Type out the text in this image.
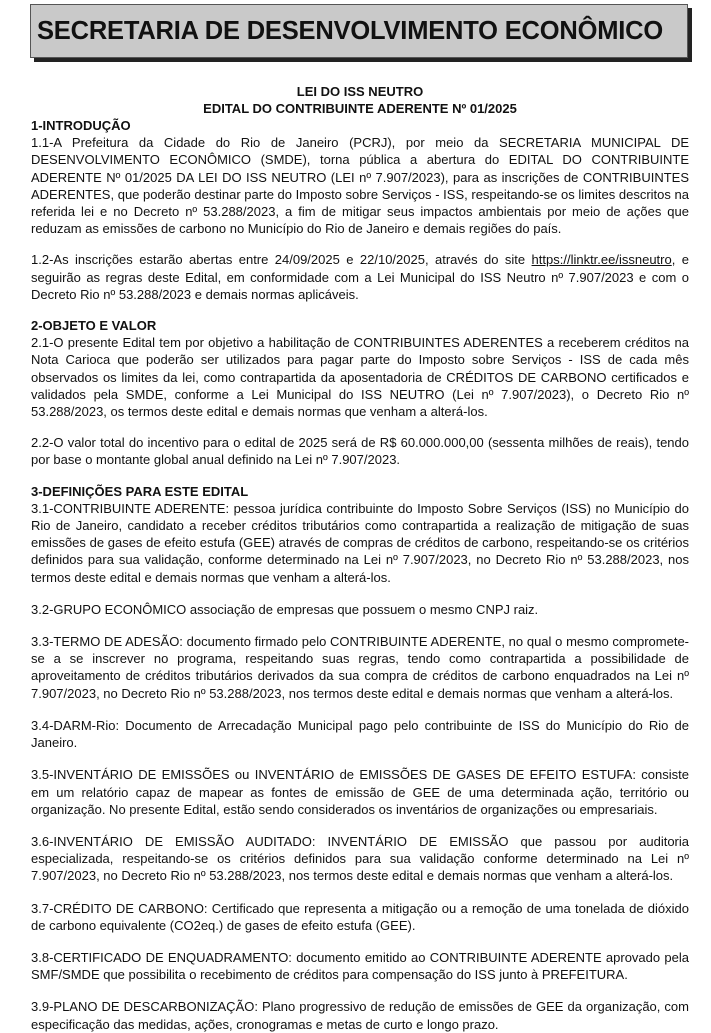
SECRETARIA DE DESENVOLVIMENTO ECONÔMICO
LEI DO ISS NEUTRO
EDITAL DO CONTRIBUINTE ADERENTE Nº 01/2025
1-INTRODUÇÃO

1.1-A Prefeitura da Cidade do Rio de Janeiro (PCRJ), por meio da SECRETARIA MUNICIPAL DE DESENVOLVIMENTO ECONÔMICO (SMDE), torna pública a abertura do EDITAL DO CONTRIBUINTE ADERENTE Nº 01/2025 DA LEI DO ISS NEUTRO (LEI nº 7.907/2023), para as inscrições de CONTRIBUINTES ADERENTES, que poderão destinar parte do Imposto sobre Serviços - ISS, respeitando-se os limites descritos na referida lei e no Decreto nº 53.288/2023, a fim de mitigar seus impactos ambientais por meio de ações que reduzam as emissões de carbono no Município do Rio de Janeiro e demais regiões do país.

1.2-As inscrições estarão abertas entre 24/09/2025 e 22/10/2025, através do site https://linktr.ee/issneutro, e seguirão as regras deste Edital, em conformidade com a Lei Municipal do ISS Neutro nº 7.907/2023 e com o Decreto Rio nº 53.288/2023 e demais normas aplicáveis.

2-OBJETO E VALOR

2.1-O presente Edital tem por objetivo a habilitação de CONTRIBUINTES ADERENTES a receberem créditos na Nota Carioca que poderão ser utilizados para pagar parte do Imposto sobre Serviços - ISS de cada mês observados os limites da lei, como contrapartida da aposentadoria de CRÉDITOS DE CARBONO certificados e validados pela SMDE, conforme a Lei Municipal do ISS NEUTRO (Lei nº 7.907/2023), o Decreto Rio nº 53.288/2023, os termos deste edital e demais normas que venham a alterá-los.

2.2-O valor total do incentivo para o edital de 2025 será de R$ 60.000.000,00 (sessenta milhões de reais), tendo por base o montante global anual definido na Lei nº 7.907/2023.

3-DEFINIÇÕES PARA ESTE EDITAL

3.1-CONTRIBUINTE ADERENTE: pessoa jurídica contribuinte do Imposto Sobre Serviços (ISS) no Município do Rio de Janeiro, candidato a receber créditos tributários como contrapartida a realização de mitigação de suas emissões de gases de efeito estufa (GEE) através de compras de créditos de carbono, respeitando-se os critérios definidos para sua validação, conforme determinado na Lei nº 7.907/2023, no Decreto Rio nº 53.288/2023, nos termos deste edital e demais normas que venham a alterá-los.

3.2-GRUPO ECONÔMICO associação de empresas que possuem o mesmo CNPJ raiz.

3.3-TERMO DE ADESÃO: documento firmado pelo CONTRIBUINTE ADERENTE, no qual o mesmo compromete-se a se inscrever no programa, respeitando suas regras, tendo como contrapartida a possibilidade de aproveitamento de créditos tributários derivados da sua compra de créditos de carbono enquadrados na Lei nº 7.907/2023, no Decreto Rio nº 53.288/2023, nos termos deste edital e demais normas que venham a alterá-los.

3.4-DARM-Rio: Documento de Arrecadação Municipal pago pelo contribuinte de ISS do Município do Rio de Janeiro.

3.5-INVENTÁRIO DE EMISSÕES ou INVENTÁRIO de EMISSÕES DE GASES DE EFEITO ESTUFA: consiste em um relatório capaz de mapear as fontes de emissão de GEE de uma determinada ação, território ou organização. No presente Edital, estão sendo considerados os inventários de organizações ou empresariais.

3.6-INVENTÁRIO DE EMISSÃO AUDITADO: INVENTÁRIO DE EMISSÃO que passou por auditoria especializada, respeitando-se os critérios definidos para sua validação conforme determinado na Lei nº 7.907/2023, no Decreto Rio nº 53.288/2023, nos termos deste edital e demais normas que venham a alterá-los.

3.7-CRÉDITO DE CARBONO: Certificado que representa a mitigação ou a remoção de uma tonelada de dióxido de carbono equivalente (CO2eq.) de gases de efeito estufa (GEE).

3.8-CERTIFICADO DE ENQUADRAMENTO: documento emitido ao CONTRIBUINTE ADERENTE aprovado pela SMF/SMDE que possibilita o recebimento de créditos para compensação do ISS junto à PREFEITURA.

3.9-PLANO DE DESCARBONIZAÇÃO: Plano progressivo de redução de emissões de GEE da organização, com especificação das medidas, ações, cronogramas e metas de curto e longo prazo.
